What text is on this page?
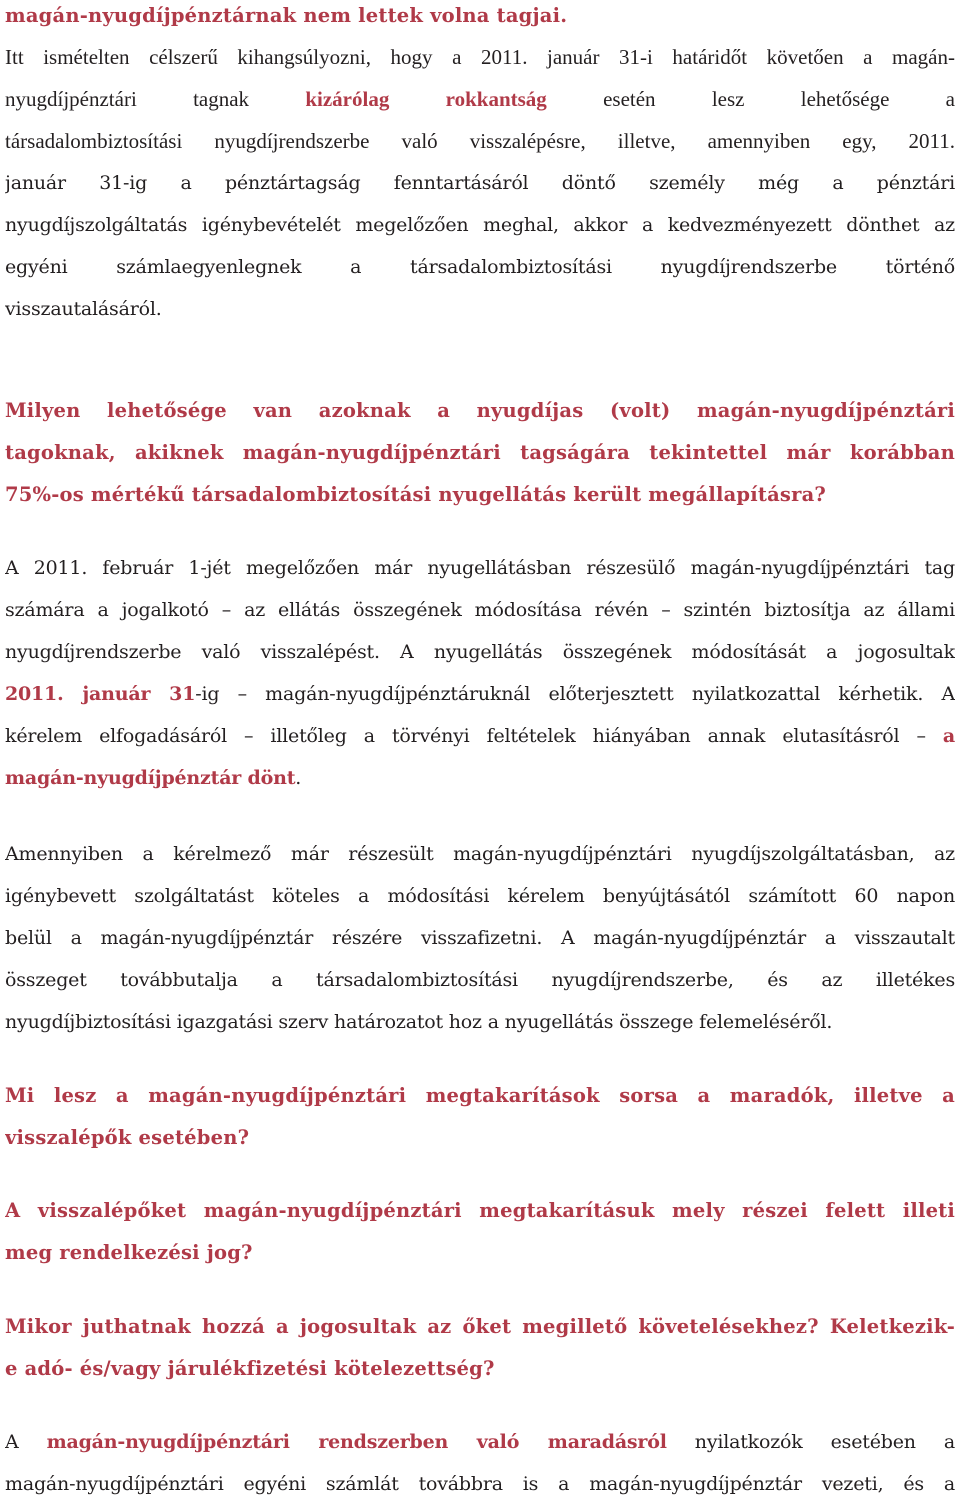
magán-nyugdíjpénztárnak nem lettek volna tagjai.
Itt ismételten célszerű kihangsúlyozni, hogy a 2011. január 31-i határidőt követően a magán-
nyugdíjpénztári tagnak kizárólag	rokkantság esetén lesz lehetősége a
társadalombiztosítási nyugdíjrendszerbe való visszalépésre, illetve, amennyiben egy, 2011.
január 31-ig a pénztártagság fenntartásáról döntő személy még a pénztári
nyugdíjszolgáltatás igénybevételét megelőzően meghal, akkor a kedvezményezett dönthet az
egyéni számlaegyenlegnek a társadalombiztosítási nyugdíjrendszerbe történő
visszautalásáról.
Milyen lehetősége van azoknak a nyugdíjas (volt) magán-nyugdíjpénztári
tagoknak, akiknek magán-nyugdíjpénztári tagságára tekintettel már korábban
75%-os mértékű társadalombiztosítási nyugellátás került megállapításra?
A 2011. február 1-jét megelőzően már nyugellátásban részesülő magán-nyugdíjpénztári tag
számára a jogalkotó – az ellátás összegének módosítása révén – szintén biztosítja az állami
nyugdíjrendszerbe való visszalépést. A nyugellátás összegének módosítását a jogosultak
2011. január 31-ig – magán-nyugdíjpénztáruknál előterjesztett nyilatkozattal kérhetik. A
kérelem elfogadásáról – illetőleg a törvényi feltételek hiányában annak elutasításról – a
magán-nyugdíjpénztár dönt.
Amennyiben a kérelmező már részesült magán-nyugdíjpénztári nyugdíjszolgáltatásban, az
igénybevett szolgáltatást köteles a módosítási kérelem benyújtásától számított 60 napon
belül a magán-nyugdíjpénztár részére visszafizetni. A magán-nyugdíjpénztár a visszautalt
összeget továbbutalja a társadalombiztosítási nyugdíjrendszerbe, és az illetékes
nyugdíjbiztosítási igazgatási szerv határozatot hoz a nyugellátás összege felemeléséről.
Mi lesz a magán-nyugdíjpénztári megtakarítások sorsa a maradók, illetve a
visszalépők esetében?
A visszalépőket magán-nyugdíjpénztári megtakarításuk mely részei felett illeti
meg rendelkezési jog?
Mikor juthatnak hozzá a jogosultak az őket megillető követelésekhez? Keletkezik-
e adó- és/vagy járulékfizetési kötelezettség?
A magán-nyugdíjpénztári rendszerben való maradásról nyilatkozók esetében a
magán-nyugdíjpénztári egyéni számlát továbbra is a magán-nyugdíjpénztár vezeti, és a
